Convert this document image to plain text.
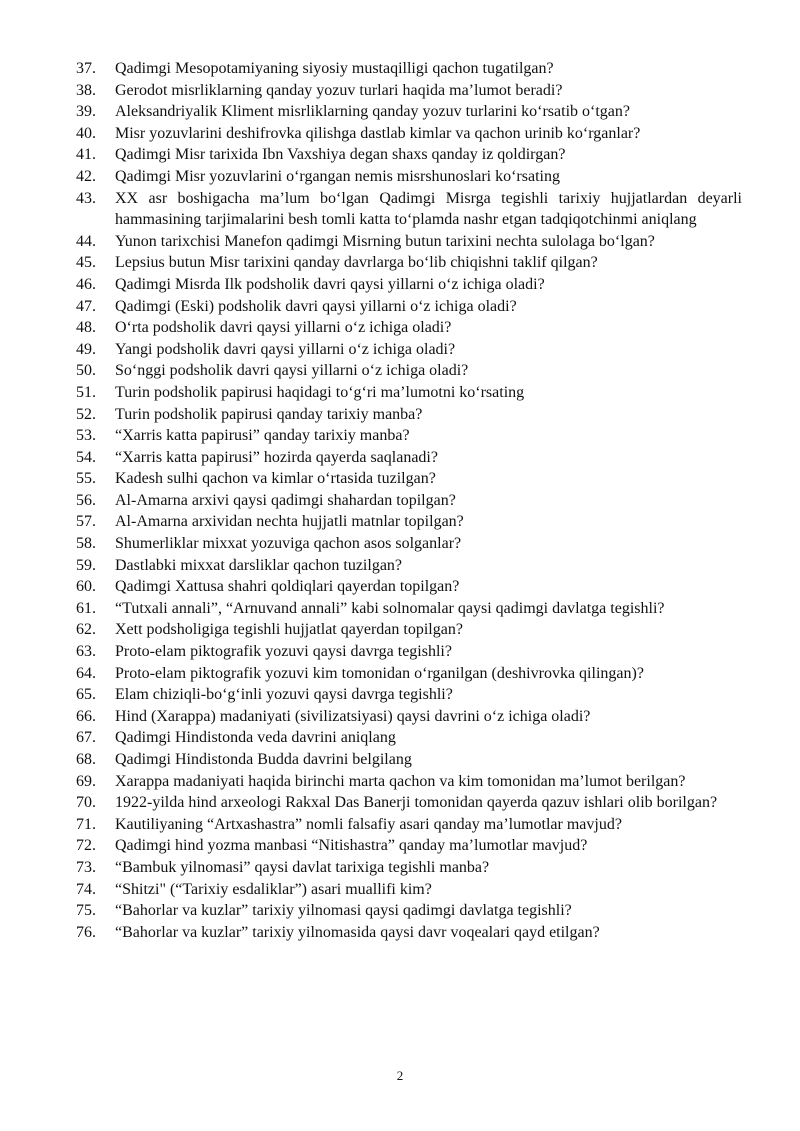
37.	Qadimgi Mesopotamiyaning siyosiy mustaqilligi qachon tugatilgan?
38.	Gerodot misrliklarning qanday yozuv turlari haqida ma’lumot beradi?
39.	Aleksandriyalik Kliment misrliklarning qanday yozuv turlarini ko‘rsatib o‘tgan?
40.	Misr yozuvlarini deshifrovka qilishga dastlab kimlar va qachon urinib ko‘rganlar?
41.	Qadimgi Misr tarixida Ibn Vaxshiya degan shaxs qanday iz qoldirgan?
42.	Qadimgi Misr yozuvlarini o‘rgangan nemis misrshunoslari ko‘rsating
43.	XX asr boshigacha ma’lum bo‘lgan Qadimgi Misrga tegishli tarixiy hujjatlardan deyarli hammasining tarjimalarini besh tomli katta to‘plamda nashr etgan tadqiqotchinmi aniqlang
44.	Yunon tarixchisi Manefon qadimgi Misrning butun tarixini nechta sulolaga bo‘lgan?
45.	Lepsius butun Misr tarixini qanday davrlarga bo‘lib chiqishni taklif qilgan?
46.	Qadimgi Misrda Ilk podsholik davri qaysi yillarni o‘z ichiga oladi?
47.	Qadimgi (Eski) podsholik davri qaysi yillarni o‘z ichiga oladi?
48.	O‘rta podsholik davri qaysi yillarni o‘z ichiga oladi?
49.	Yangi podsholik davri qaysi yillarni o‘z ichiga oladi?
50.	So‘nggi podsholik davri qaysi yillarni o‘z ichiga oladi?
51.	Turin podsholik papirusi haqidagi to‘g‘ri ma’lumotni ko‘rsating
52.	Turin podsholik papirusi qanday tarixiy manba?
53.	“Xarris katta papirusi” qanday tarixiy manba?
54.	“Xarris katta papirusi” hozirda qayerda saqlanadi?
55.	Kadesh sulhi qachon va kimlar o‘rtasida tuzilgan?
56.	Al-Amarna arxivi qaysi qadimgi shahardan topilgan?
57.	Al-Amarna arxividan nechta hujjatli matnlar topilgan?
58.	Shumerliklar mixxat yozuviga qachon asos solganlar?
59.	Dastlabki mixxat darsliklar qachon tuzilgan?
60.	Qadimgi Xattusa shahri qoldiqlari qayerdan topilgan?
61.	“Tutxali annali”, “Arnuvand annali” kabi solnomalar qaysi qadimgi davlatga tegishli?
62.	Xett podsholigiga tegishli hujjatlat qayerdan topilgan?
63.	Proto-elam piktografik yozuvi qaysi davrga tegishli?
64.	Proto-elam piktografik yozuvi kim tomonidan o‘rganilgan (deshivrovka qilingan)?
65.	Elam chiziqli-bo‘g‘inli yozuvi qaysi davrga tegishli?
66.	Hind (Xarappa) madaniyati (sivilizatsiyasi) qaysi davrini o‘z ichiga oladi?
67.	Qadimgi Hindistonda veda davrini aniqlang
68.	Qadimgi Hindistonda Budda davrini belgilang
69.	Xarappa madaniyati haqida birinchi marta qachon va kim tomonidan ma’lumot berilgan?
70.	1922-yilda hind arxeologi Rakxal Das Banerji tomonidan qayerda qazuv ishlari olib borilgan?
71.	Kautiliyaning “Artxashastra” nomli falsafiy asari qanday ma’lumotlar mavjud?
72.	Qadimgi hind yozma manbasi “Nitishastra” qanday ma’lumotlar mavjud?
73.	“Bambuk yilnomasi” qaysi davlat tarixiga tegishli manba?
74.	“Shitzi" (“Tarixiy esdaliklar”) asari muallifi kim?
75.	“Bahorlar va kuzlar” tarixiy yilnomasi qaysi qadimgi davlatga tegishli?
76.	“Bahorlar va kuzlar” tarixiy yilnomasida qaysi davr voqealari qayd etilgan?
2
